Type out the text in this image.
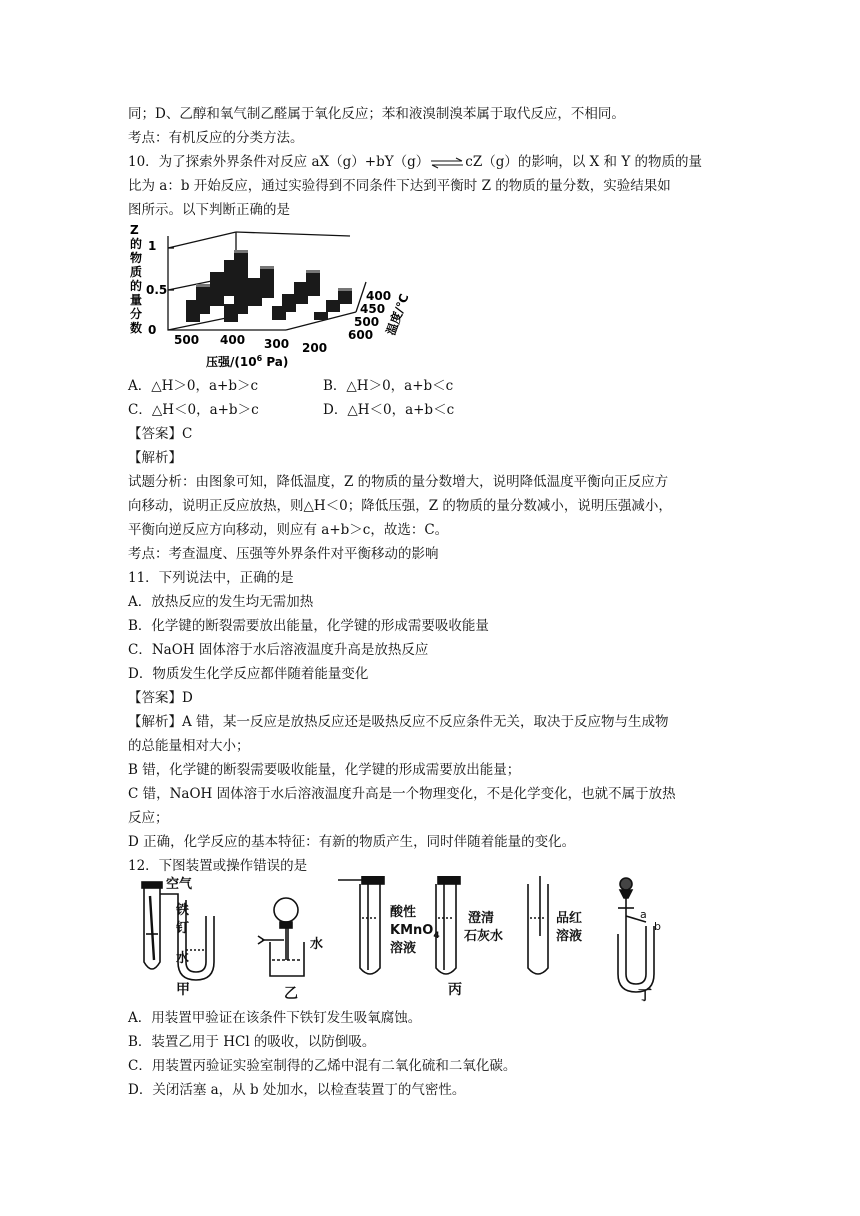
同；D、乙醇和氧气制乙醛属于氧化反应；苯和液溴制溴苯属于取代反应，不相同。
考点：有机反应的分类方法。
10．为了探索外界条件对反应 aX（g）+bY（g）⇌cZ（g）的影响，以 X 和 Y 的物质的量
比为 a：b 开始反应，通过实验得到不同条件下达到平衡时 Z 的物质的量分数，实验结果如
图所示。以下判断正确的是
Z
的
物
质
的
量
分
数
1
0.5
0
400
450
500
600 温度/℃
500 400 300 200
压强$/(10^6$ Pa)
A．△H＞0，a+b＞c	B．△H＞0，a+b＜c
C．△H＜0，a+b＞c	D．△H＜0，a+b＜c
【答案】C
【解析】
试题分析：由图象可知，降低温度，Z 的物质的量分数增大，说明降低温度平衡向正反应方
向移动，说明正反应放热，则△H＜0；降低压强，Z 的物质的量分数减小，说明压强减小，
平衡向逆反应方向移动，则应有 a+b＞c，故选：C。
考点：考查温度、压强等外界条件对平衡移动的影响
11．下列说法中，正确的是
A．放热反应的发生均无需加热
B．化学键的断裂需要放出能量，化学键的形成需要吸收能量
C．NaOH 固体溶于水后溶液温度升高是放热反应
D．物质发生化学反应都伴随着能量变化
【答案】D
【解析】A 错，某一反应是放热反应还是吸热反应不反应条件无关，取决于反应物与生成物
的总能量相对大小；
B 错，化学键的断裂需要吸收能量，化学键的形成需要放出能量；
C 错，NaOH 固体溶于水后溶液温度升高是一个物理变化，不是化学变化，也就不属于放热
反应；
D 正确，化学反应的基本特征：有新的物质产生，同时伴随着能量的变化。
12．下图装置或操作错误的是
空气
铁
钉
水
水
酸性
KMnO$_4$
溶液
澄清
石灰水
品红
溶液
a
b
甲	乙	丙	丁
A．用装置甲验证在该条件下铁钉发生吸氧腐蚀。
B．装置乙用于 HCl 的吸收，以防倒吸。
C．用装置丙验证实验室制得的乙烯中混有二氧化硫和二氧化碳。
D．关闭活塞 a，从 b 处加水，以检查装置丁的气密性。
